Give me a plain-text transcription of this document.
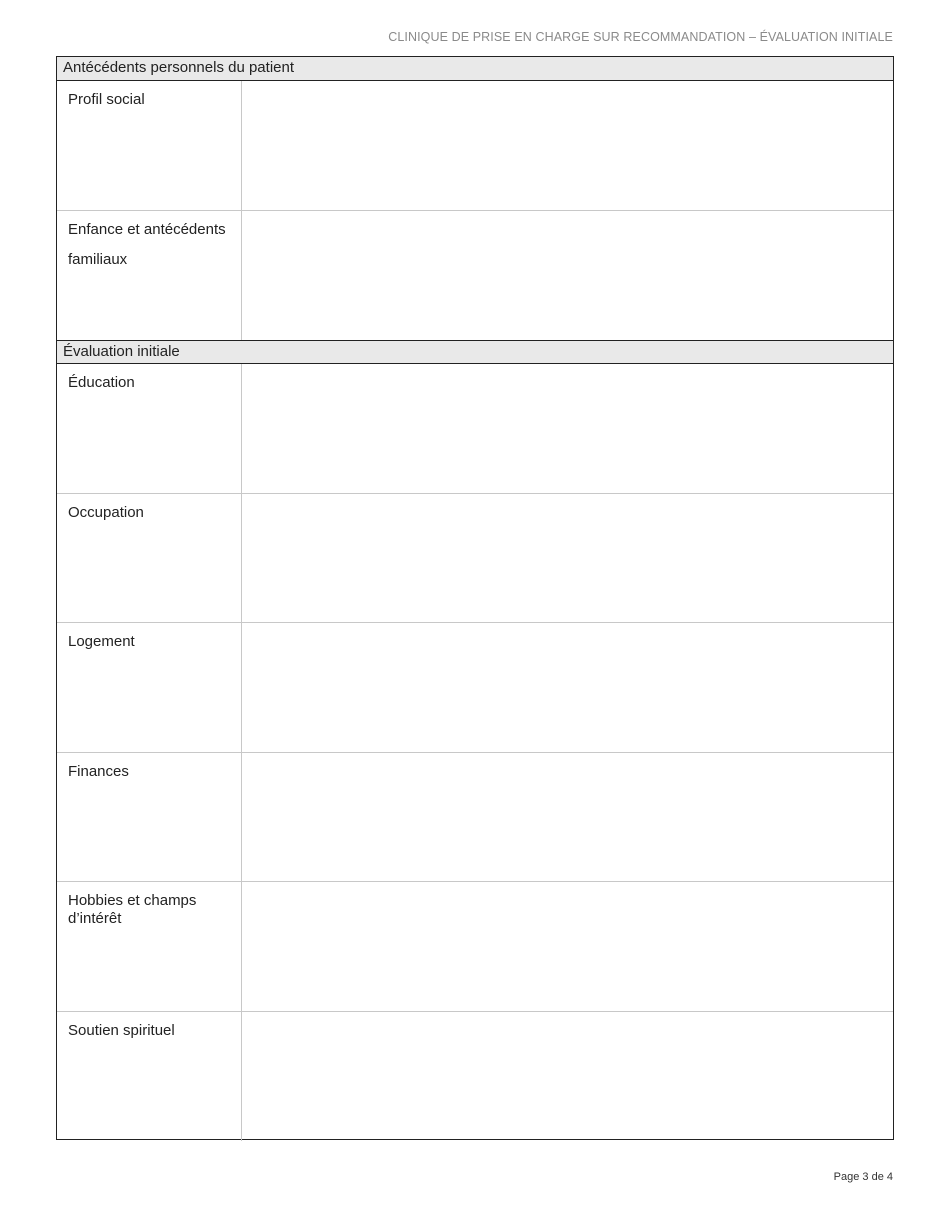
CLINIQUE DE PRISE EN CHARGE SUR RECOMMANDATION – ÉVALUATION INITIALE
Antécédents personnels du patient
Profil social
Enfance et antécédents familiaux
Évaluation initiale
Éducation
Occupation
Logement
Finances
Hobbies et champs d’intérêt
Soutien spirituel
Page 3 de 4
